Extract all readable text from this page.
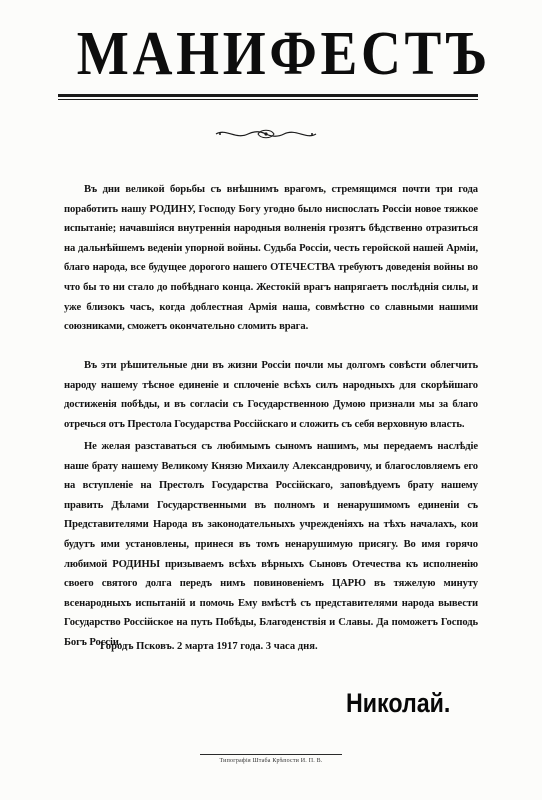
МАНИФЕСТЪ
Въ дни великой борьбы съ внѣшнимъ врагомъ, стремящимся почти три года поработить нашу РОДИНУ, Господу Богу угодно было ниспослать Россіи новое тяжкое испытаніе; начавшіяся внутреннія народныя волненія грозятъ бѣдственно отразиться на дальнѣйшемъ веденіи упорной войны. Судьба Россіи, честь геройской нашей Арміи, благо народа, все будущее дорогого нашего ОТЕЧЕСТВА требуютъ доведенія войны во что бы то ни стало до побѣднаго конца. Жестокій врагъ напрягаетъ послѣднія силы, и уже близокъ часъ, когда доблестная Армія наша, совмѣстно со славными нашими союзниками, сможетъ окончательно сломить врага.
Въ эти рѣшительные дни въ жизни Россіи почли мы долгомъ совѣсти облегчить народу нашему тѣсное единеніе и сплоченіе всѣхъ силъ народныхъ для скорѣйшаго достиженія побѣды, и въ согласіи съ Государственною Думою признали мы за благо отречься отъ Престола Государства Россійскаго и сложить съ себя верховную власть.
Не желая разставаться съ любимымъ сыномъ нашимъ, мы передаемъ наслѣдіе наше брату нашему Великому Князю Михаилу Александровичу, и благословляемъ его на вступленіе на Престолъ Государства Россійскаго, заповѣдуемъ брату нашему править Дѣлами Государственными въ полномъ и ненарушимомъ единеніи съ Представителями Народа въ законодательныхъ учрежденіяхъ на тѣхъ началахъ, кои будутъ ими установлены, принеся въ томъ ненарушимую присягу. Во имя горячо любимой РОДИНЫ призываемъ всѣхъ вѣрныхъ Сыновъ Отечества къ исполненію своего святого долга передъ нимъ повиновеніемъ ЦАРЮ въ тяжелую минуту всенародныхъ испытаній и помочь Ему вмѣстѣ съ представителями народа вывести Государство Россійское на путь Побѣды, Благоденствія и Славы. Да поможетъ Господь Богъ Россіи.
Городъ Псковъ. 2 марта 1917 года. 3 часа дня.
Николай.
Типографія Штаба Крѣпости И. П. В.
